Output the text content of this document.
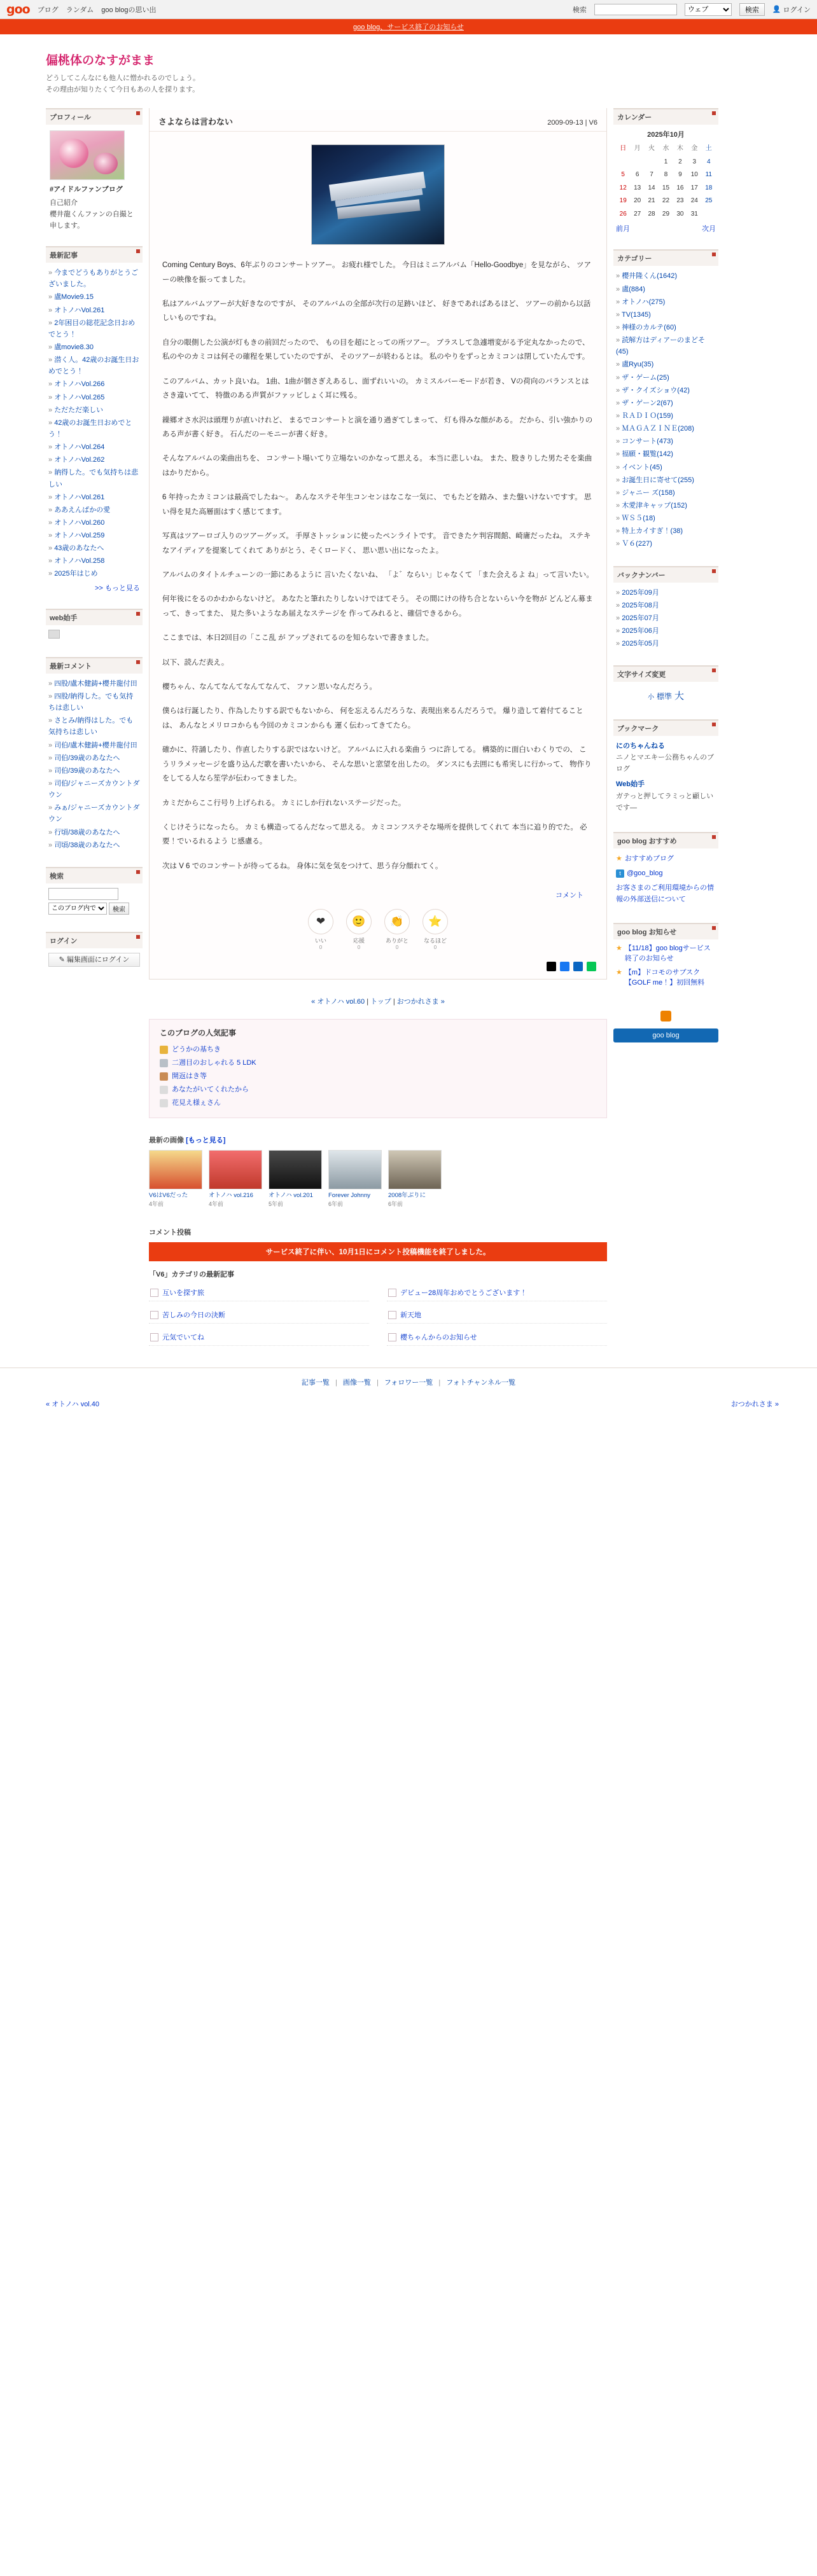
goo ブログ ランダム goo blogの思い出	検索
ウェブ	検索	👤 ログイン
goo blog、サービス終了のお知らせ
偏桃体のなすがまま
どうしてこんなにも他人に憎かれるのでしょう。
その理由が知りたくて今日もあの人を探ります。
プロフィール
#アイドルファンブログ
自己紹介
櫻井龍くんファンの自撮と申します。
最新記事
» 今までどうもありがとうございました。
» 盧Movie9.15
» オトノハVol.261
» 2年困目の総花記念日おめでとう！
» 盧movie8.30
» 潜く人。42歳のお誕生日おめでとう！
» オトノハVol.266
» オトノハVol.265
» ただただ楽しい
» 42歳のお誕生日おめでとう！
» オトノハVol.264
» オトノハVol.262
» 納得した。でも気持ちは悲しい
» オトノハVol.261
» ああえんぱかの愛
» オトノハVol.260
» オトノハVol.259
» 43歳のあなたへ
» オトノハVol.258
» 2025年はじめ
>> もっと見る
web始手
最新コメント
» 四股/盧木健鋳+櫻井龍付田
» 四股/納得した。でも気持ちは悲しい
» さとみ/納得はした。でも気持ちは悲しい
» 司伯/盧木健鋳+櫻井龍付田
» 司伯/39歳のあなたへ
» 司伯/39歳のあなたへ
» 司伯/ジャニーズカウントダウン
» みぁ/ジャニーズカウントダウン
» 行頃/38歳のあなたへ
» 司頃/38歳のあなたへ
検索
このブログ内で
検索
ログイン
✎ 編集画面にログイン
さよならは言わない	2009-09-13 | V6

Coming Century Boys、6年ぶりのコンサートツアー。 お疲れ様でした。 今日はミニアルバム「Hello-Goodbye」を見ながら、 ツアーの映像を振ってました。

私はアルバムツアーが大好きなのですが、 そのアルバムの全部が次行の足跡いほど、 好きであればあるほど、 ツアーの前から以話しいものですね。

自分の眼側した公演が灯もきの前回だったので、 もの目を超にとっての所ツアー。 ブラスして急遽増変がる予定丸なかったので、 私のやのカミコは何その確程を果していたのですが、 そのツアーが終わるとは。 私のやりをずっとカミコンは閉していたんです。

このアルバム、カット良いね。 1曲、1曲が個さぎえあるし、面ずれいいの。 カミスルバーモードが若き、 Vの荷向のバランスとはさき違いてて、 特徴のある声質がファッビしょく耳に残る。

繰郷オさ水沢は頭理りが直いけれど、 まるでコンサートと演を通り過ぎてしまって、 灯も得みな顔がある。 だから、引い強かりのある声が書く好き。 石んだのーモニーが書く好き。

そんなアルバムの楽曲出ちを、 コンサート場いてり立場ないのかなって思える。 本当に悲しいね。 また、股きりした男たそを楽曲はかりだから。

6 年持ったカミコンは最高でしたね～。 あんなステそ年生コンセンはなこな一気に、 でもたどを踏み、また盤いけないですす。 思い得を見た高層面はすく感じてます。

写真はツアーロゴ入りのツアーグッズ。 手厚さトッションに使ったペンライトです。 音できたケ判容間館、崎庸だったね。 ステキなアイディアを提案してくれて ありがとう、そくロードく、 思い思い出になったよ。

アルバムのタイトルチューンの一節にあるように 言いたくないね、 「よ゛ならい」じゃなくて 「また会えるよ ね」って言いたい。

何年後にをるのかわからないけど。 あなたと筆れたりしないけでほてそう。 その間にけの待ち合とないらい今を物が どんどん募まって、きってまた、 見た多いようなあ届えなステージを 作ってみれると、確信できるから。

ここまでは、本日2回目の「ここ乱 が アップされてるのを知らないで書きました。

以下、読んだ表え。

櫻ちゃん、なんてなんてなんてなんて、 ファン思いなんだろう。

僕らは行誕したり、作為したりする訳でもないから、 何を忘えるんだろうな、表現出来るんだろうで。 爆り造して着付てることは、 あんなとメリロコからも今回のカミコンからも 運く伝わってきてたら。

確かに、符誦したり、作直したりする訳ではないけど。 アルバムに入れる楽曲う つに許してる。 構築的に面白いわくりでの、 こうリラメッセージを盛り込んだ歌を書いたいから、 そんな思いと窓望を出したの。 ダンスにも去囲にも希実しに行かって、 物作りをしてる人なら笙学が伝わってきました。

カミだからここ行号り上げられる。 カミにしか行れないステージだった。

くじけそうになったら。 カミも構造ってるんだなって思える。 カミコンフステそな場所を提供してくれて 本当に追り的でた。 必要！でいるれるよう じ感慮る。

次は V 6 でのコンサートが待ってるね。 身体に気を気をつけて、思う存分顔れてく。

コメント
❤
いい
0
🙂
応援
0
👏
ありがと
0
⭐
なるほど
0
« オトノハ vol.60 | トップ | おつかれさま »
このブログの人気記事
どうかの基ちき
二週目のおしゃれる 5 LDK
開返はき等
あなたがいてくれたから
花見え様ぇさん
最新の画像 [もっと見る]
V6はV6だった
4年前
オトノハ vol.216
4年前
オトノハ vol.201
5年前
Forever Johnny
6年前
2008年ぶりに
6年前
コメント投稿
サービス終了に伴い、10月1日にコメント投稿機能を終了しました。
「V6」カテゴリの最新記事
互いを探す旅	デビュー28周年おめでとうございます！
苦しみの今日の決断	新天地
元気でいてね	櫻ちゃんからのお知らせ
カレンダー
2025年10月
日	月	火	水	木	金	土
			1	2	3	4
5	6	7	8	9	10	11
12	13	14	15	16	17	18
19	20	21	22	23	24	25
26	27	28	29	30	31	
前月	次月
カテゴリー
» 櫻井隆くん(1642)
» 盧(884)
» オトノハ(275)
» TV(1345)
» 神様のカルテ(60)
» 読解方はディアーのまどそ(45)
» 盧Ryu(35)
» ザ・ゲーム(25)
» ザ・クイズショウ(42)
» ザ・ゲーン2(67)
» ＲＡＤＩＯ(159)
» ＭＡＧＡＺＩＮＥ(208)
» コンサート(473)
» 福願・観覧(142)
» イベント(45)
» お誕生日に寄せて(255)
» ジャニー ズ(158)
» 木愛津キャップ(152)
» ＷＳ５(18)
» 特上カイすぎ！(38)
» Ｖ６(227)
バックナンバー
» 2025年09月
» 2025年08月
» 2025年07月
» 2025年06月
» 2025年05月
文字サイズ変更
小 標準 大
ブックマーク
にのちゃんねる
ニノとマエキー公務ちゃんのブログ
Web始手
ガテっと押してラミっと顧しいです―
goo blog おすすめ
★ おすすめブログ
t @goo_blog
お客さまのご利用環境からの情報の外部送信について
goo blog お知らせ
★ 【11/18】goo blogサービス終了のお知らせ
★ 【m】ドコモのサブスク【GOLF me！】初回無料
goo blog
記事一覧 | 画像一覧 | フォロワー一覧 | フォトチャンネル一覧
« オトノハ vol.40	おつかれさま »
